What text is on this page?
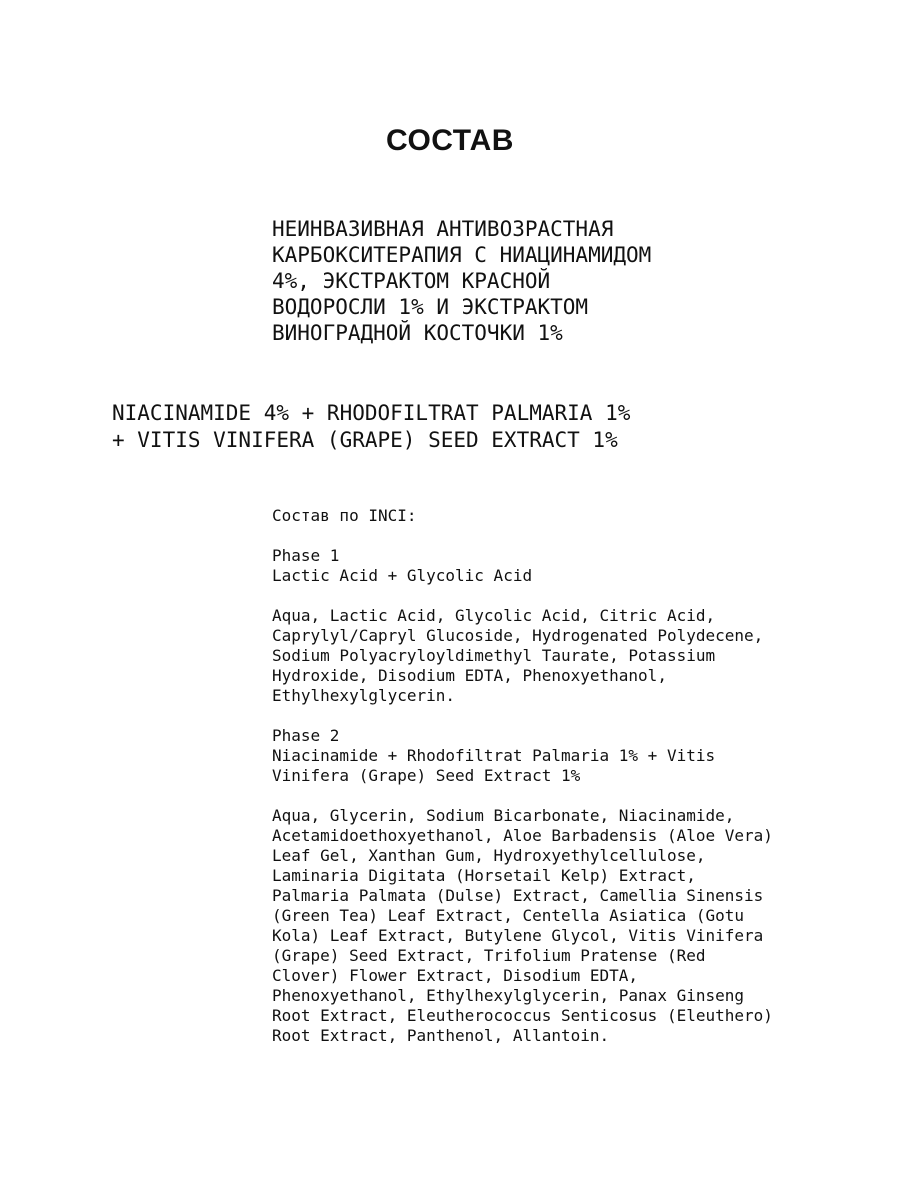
СОСТАВ
НЕИНВАЗИВНАЯ АНТИВОЗРАСТНАЯ
КАРБОКСИТЕРАПИЯ С НИАЦИНАМИДОМ
4%, ЭКСТРАКТОМ КРАСНОЙ
ВОДОРОСЛИ 1% И ЭКСТРАКТОМ
ВИНОГРАДНОЙ КОСТОЧКИ 1%
NIACINAMIDE 4% + RHODOFILTRAT PALMARIA 1%
+ VITIS VINIFERA (GRAPE) SEED EXTRACT 1%
Состав по INCI:
Phase 1
Lactic Acid + Glycolic Acid
Aqua, Lactic Acid, Glycolic Acid, Citric Acid,
Caprylyl/Capryl Glucoside, Hydrogenated Polydecene,
Sodium Polyacryloyldimethyl Taurate, Potassium
Hydroxide, Disodium EDTA, Phenoxyethanol,
Ethylhexylglycerin.
Phase 2
Niacinamide + Rhodofiltrat Palmaria 1% + Vitis
Vinifera (Grape) Seed Extract 1%
Aqua, Glycerin, Sodium Bicarbonate, Niacinamide,
Acetamidoethoxyethanol, Aloe Barbadensis (Aloe Vera)
Leaf Gel, Xanthan Gum, Hydroxyethylcellulose,
Laminaria Digitata (Horsetail Kelp) Extract,
Palmaria Palmata (Dulse) Extract, Camellia Sinensis
(Green Tea) Leaf Extract, Centella Asiatica (Gotu
Kola) Leaf Extract, Butylene Glycol, Vitis Vinifera
(Grape) Seed Extract, Trifolium Pratense (Red
Clover) Flower Extract, Disodium EDTA,
Phenoxyethanol, Ethylhexylglycerin, Panax Ginseng
Root Extract, Eleutherococcus Senticosus (Eleuthero)
Root Extract, Panthenol, Allantoin.
